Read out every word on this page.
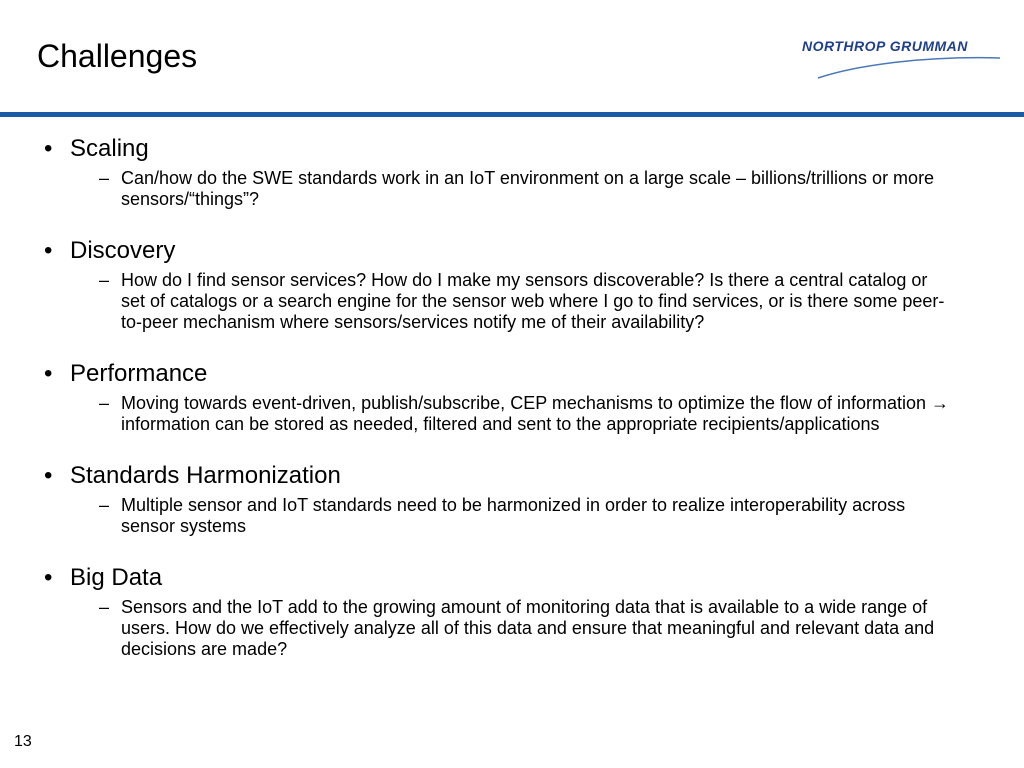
Challenges	NORTHROP GRUMMAN
• Scaling
– Can/how do the SWE standards work in an IoT environment on a large scale – billions/trillions or more sensors/“things”?
• Discovery
– How do I find sensor services? How do I make my sensors discoverable? Is there a central catalog or set of catalogs or a search engine for the sensor web where I go to find services, or is there some peer-to-peer mechanism where sensors/services notify me of their availability?
• Performance
– Moving towards event-driven, publish/subscribe, CEP mechanisms to optimize the flow of information → information can be stored as needed, filtered and sent to the appropriate recipients/applications
• Standards Harmonization
– Multiple sensor and IoT standards need to be harmonized in order to realize interoperability across sensor systems
• Big Data
– Sensors and the IoT add to the growing amount of monitoring data that is available to a wide range of users. How do we effectively analyze all of this data and ensure that meaningful and relevant data and decisions are made?
13
